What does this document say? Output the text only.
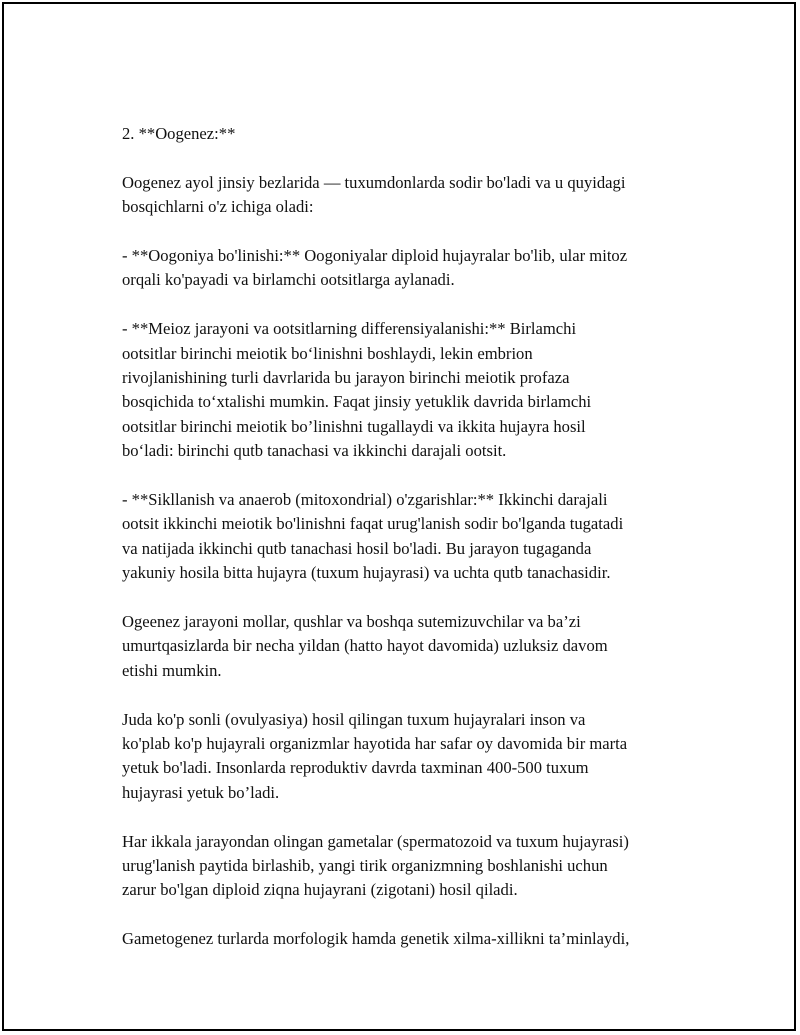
2. **Oogenez:**

Oogenez ayol jinsiy bezlarida — tuxumdonlarda sodir bo'ladi va u quyidagi
bosqichlarni o'z ichiga oladi:

- **Oogoniya bo'linishi:** Oogoniyalar diploid hujayralar bo'lib, ular mitoz
orqali ko'payadi va birlamchi ootsitlarga aylanadi.

- **Meioz jarayoni va ootsitlarning differensiyalanishi:** Birlamchi
ootsitlar birinchi meiotik bo‘linishni boshlaydi, lekin embrion
rivojlanishining turli davrlarida bu jarayon birinchi meiotik profaza
bosqichida to‘xtalishi mumkin. Faqat jinsiy yetuklik davrida birlamchi
ootsitlar birinchi meiotik bo’linishni tugallaydi va ikkita hujayra hosil
bo‘ladi: birinchi qutb tanachasi va ikkinchi darajali ootsit.

- **Sikllanish va anaerob (mitoxondrial) o'zgarishlar:** Ikkinchi darajali
ootsit ikkinchi meiotik bo'linishni faqat urug'lanish sodir bo'lganda tugatadi
va natijada ikkinchi qutb tanachasi hosil bo'ladi. Bu jarayon tugaganda
yakuniy hosila bitta hujayra (tuxum hujayrasi) va uchta qutb tanachasidir.

Ogeenez jarayoni mollar, qushlar va boshqa sutemizuvchilar va ba’zi
umurtqasizlarda bir necha yildan (hatto hayot davomida) uzluksiz davom
etishi mumkin.

Juda ko'p sonli (ovulyasiya) hosil qilingan tuxum hujayralari inson va
ko'plab ko'p hujayrali organizmlar hayotida har safar oy davomida bir marta
yetuk bo'ladi. Insonlarda reproduktiv davrda taxminan 400-500 tuxum
hujayrasi yetuk bo’ladi.

Har ikkala jarayondan olingan gametalar (spermatozoid va tuxum hujayrasi)
urug'lanish paytida birlashib, yangi tirik organizmning boshlanishi uchun
zarur bo'lgan diploid ziqna hujayrani (zigotani) hosil qiladi.

Gametogenez turlarda morfologik hamda genetik xilma-xillikni ta’minlaydi,
